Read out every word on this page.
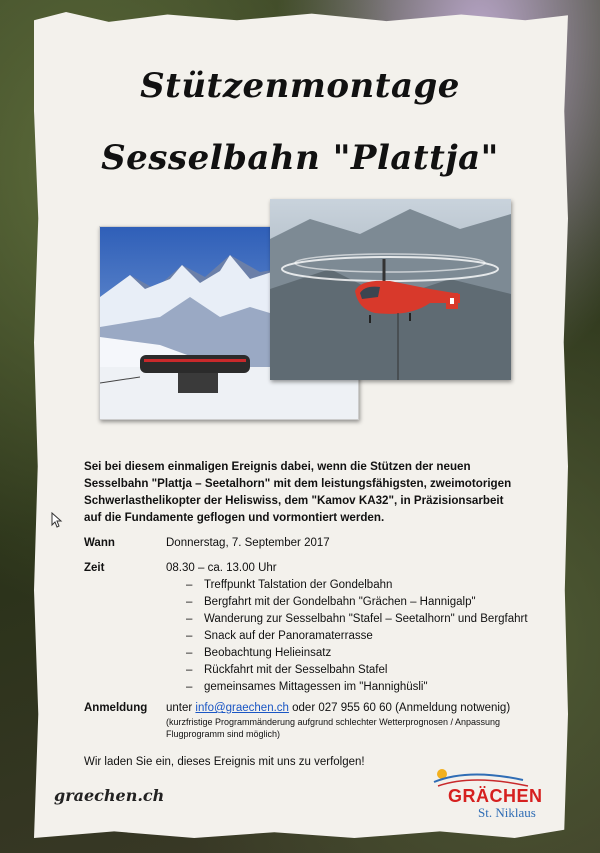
Stützenmontage
Sesselbahn "Plattja"
Sei bei diesem einmaligen Ereignis dabei, wenn die Stützen der neuen Sesselbahn "Plattja – Seetalhorn" mit dem leistungsfähigsten, zweimotorigen Schwerlasthelikopter der Heliswiss, dem "Kamov KA32", in Präzisionsarbeit auf die Fundamente geflogen und vormontiert werden.
Wann	Donnerstag, 7. September 2017
Zeit	08.30 – ca. 13.00 Uhr
– Treffpunkt Talstation der Gondelbahn
– Bergfahrt mit der Gondelbahn "Grächen – Hannigalp"
– Wanderung zur Sesselbahn "Stafel – Seetalhorn" und Bergfahrt
– Snack auf der Panoramaterrasse
– Beobachtung Helieinsatz
– Rückfahrt mit der Sesselbahn Stafel
– gemeinsames Mittagessen im "Hannighüsli"
Anmeldung unter info@graechen.ch oder 027 955 60 60 (Anmeldung notwenig)
(kurzfristige Programmänderung aufgrund schlechter Wetterprognosen / Anpassung Flugprogramm sind möglich)
Wir laden Sie ein, dieses Ereignis mit uns zu verfolgen!
graechen.ch	GRÄCHEN
St. Niklaus
